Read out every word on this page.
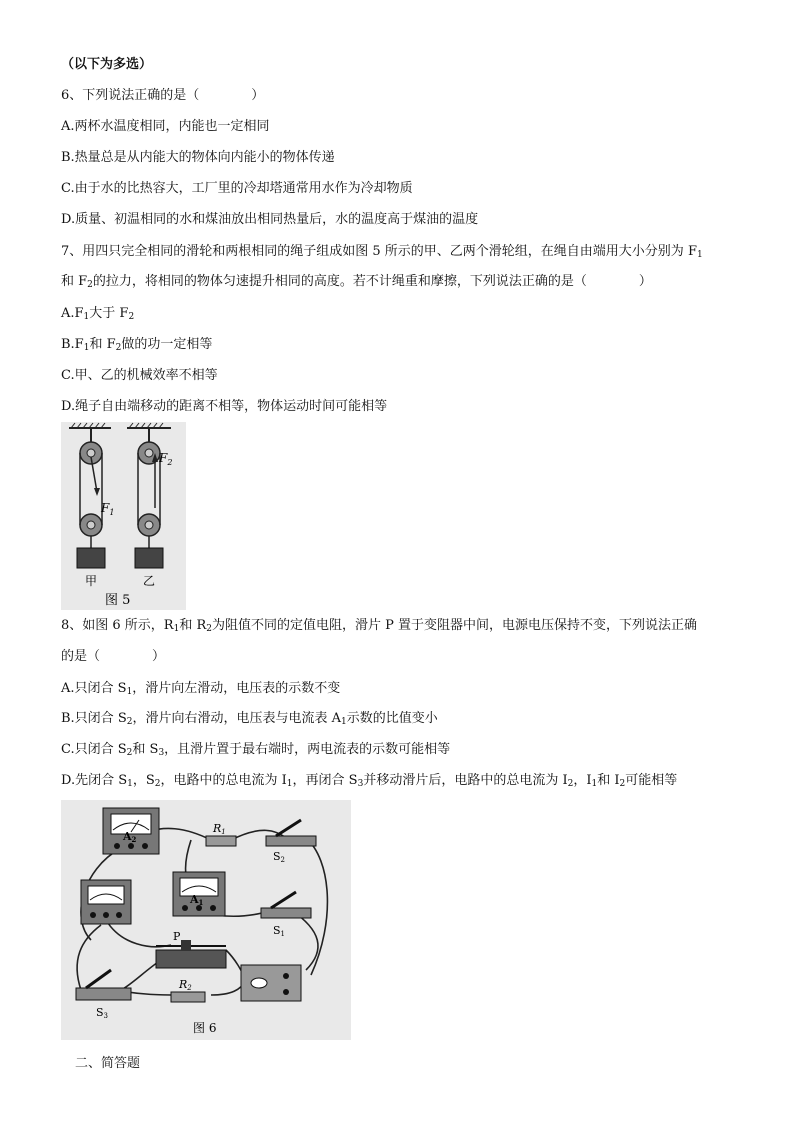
（以下为多选）
6、下列说法正确的是（　　　　）
A.两杯水温度相同，内能也一定相同
B.热量总是从内能大的物体向内能小的物体传递
C.由于水的比热容大，工厂里的冷却塔通常用水作为冷却物质
D.质量、初温相同的水和煤油放出相同热量后，水的温度高于煤油的温度
7、用四只完全相同的滑轮和两根相同的绳子组成如图 5 所示的甲、乙两个滑轮组，在绳自由端用大小分别为 $F_1$
和 $F_2$的拉力，将相同的物体匀速提升相同的高度。若不计绳重和摩擦，下列说法正确的是（　　　　）
$A.F_1$大于 $F_2$
$B.F_1$和 $F_2$做的功一定相等
C.甲、乙的机械效率不相等
D.绳子自由端移动的距离不相等，物体运动时间可能相等
$F_1$
$F_2$
甲	乙
图 5
8、如图 6 所示，$R_1$和 $R_2$为阻值不同的定值电阻，滑片 P 置于变阻器中间，电源电压保持不变，下列说法正确
的是（　　　　）
A.只闭合 $S_1$，滑片向左滑动，电压表的示数不变
B.只闭合 $S_2$，滑片向右滑动，电压表与电流表 $A_1$示数的比值变小
C.只闭合 $S_2$和 $S_3$，且滑片置于最右端时，两电流表的示数可能相等
D.先闭合 $S_1$，$S_2$，电路中的总电流为 $I_1$，再闭合 $S_3$并移动滑片后，电路中的总电流为 $I_2$，$I_1$和 $I_2$可能相等
A2
R1
S2
A1
S1
P
S3
R2
图 6
二、简答题
